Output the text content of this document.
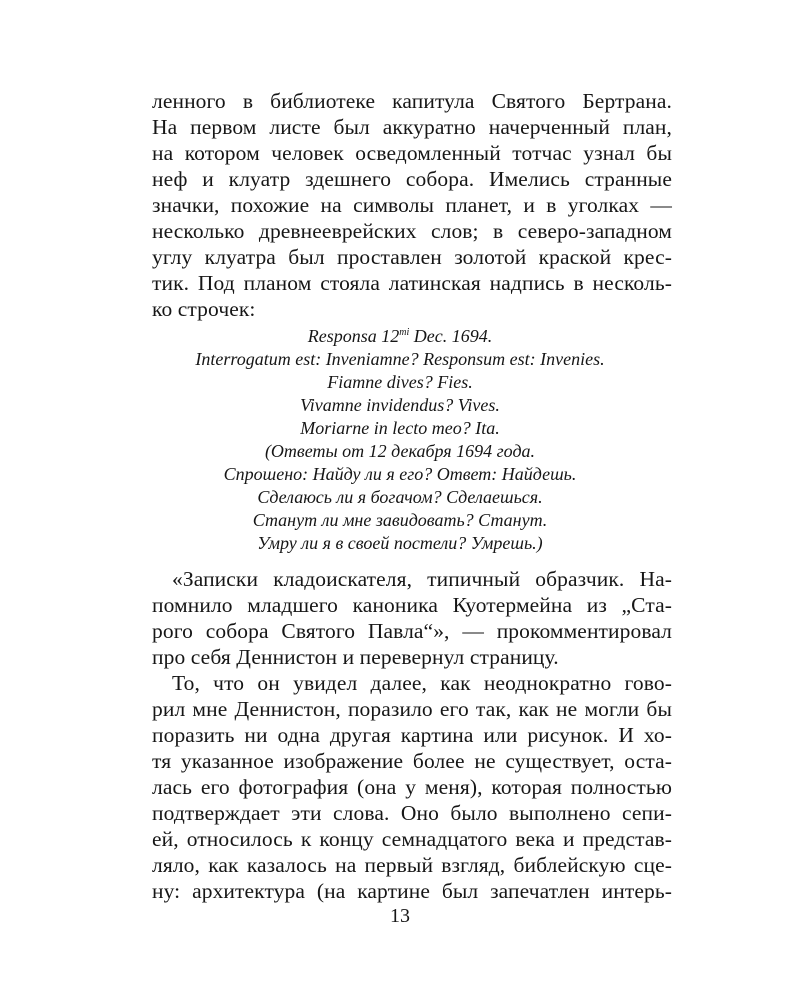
ленного в библиотеке капитула Святого Бертрана.
На первом листе был аккуратно начерченный план,
на котором человек осведомленный тотчас узнал бы
неф и клуатр здешнего собора. Имелись странные
значки, похожие на символы планет, и в уголках —
несколько древнееврейских слов; в северо-западном
углу клуатра был проставлен золотой краской крес-
тик. Под планом стояла латинская надпись в несколь-
ко строчек:
Responsa $12^{mi}$ Dec. 1694.
Interrogatum est: Inveniamne? Responsum est: Invenies.
Fiamne dives? Fies.
Vivamne invidendus? Vives.
Moriarne in lecto meo? Ita.
(Ответы от 12 декабря 1694 года.
Спрошено: Найду ли я его? Ответ: Найдешь.
Сделаюсь ли я богачом? Сделаешься.
Станут ли мне завидовать? Станут.
Умру ли я в своей постели? Умрешь.)
«Записки кладоискателя, типичный образчик. На-
помнило младшего каноника Куотермейна из „Ста-
рого собора Святого Павла“», — прокомментировал
про себя Деннистон и перевернул страницу.
То, что он увидел далее, как неоднократно гово-
рил мне Деннистон, поразило его так, как не могли бы
поразить ни одна другая картина или рисунок. И хо-
тя указанное изображение более не существует, оста-
лась его фотография (она у меня), которая полностью
подтверждает эти слова. Оно было выполнено сепи-
ей, относилось к концу семнадцатого века и представ-
ляло, как казалось на первый взгляд, библейскую сце-
ну: архитектура (на картине был запечатлен интерь-
13
